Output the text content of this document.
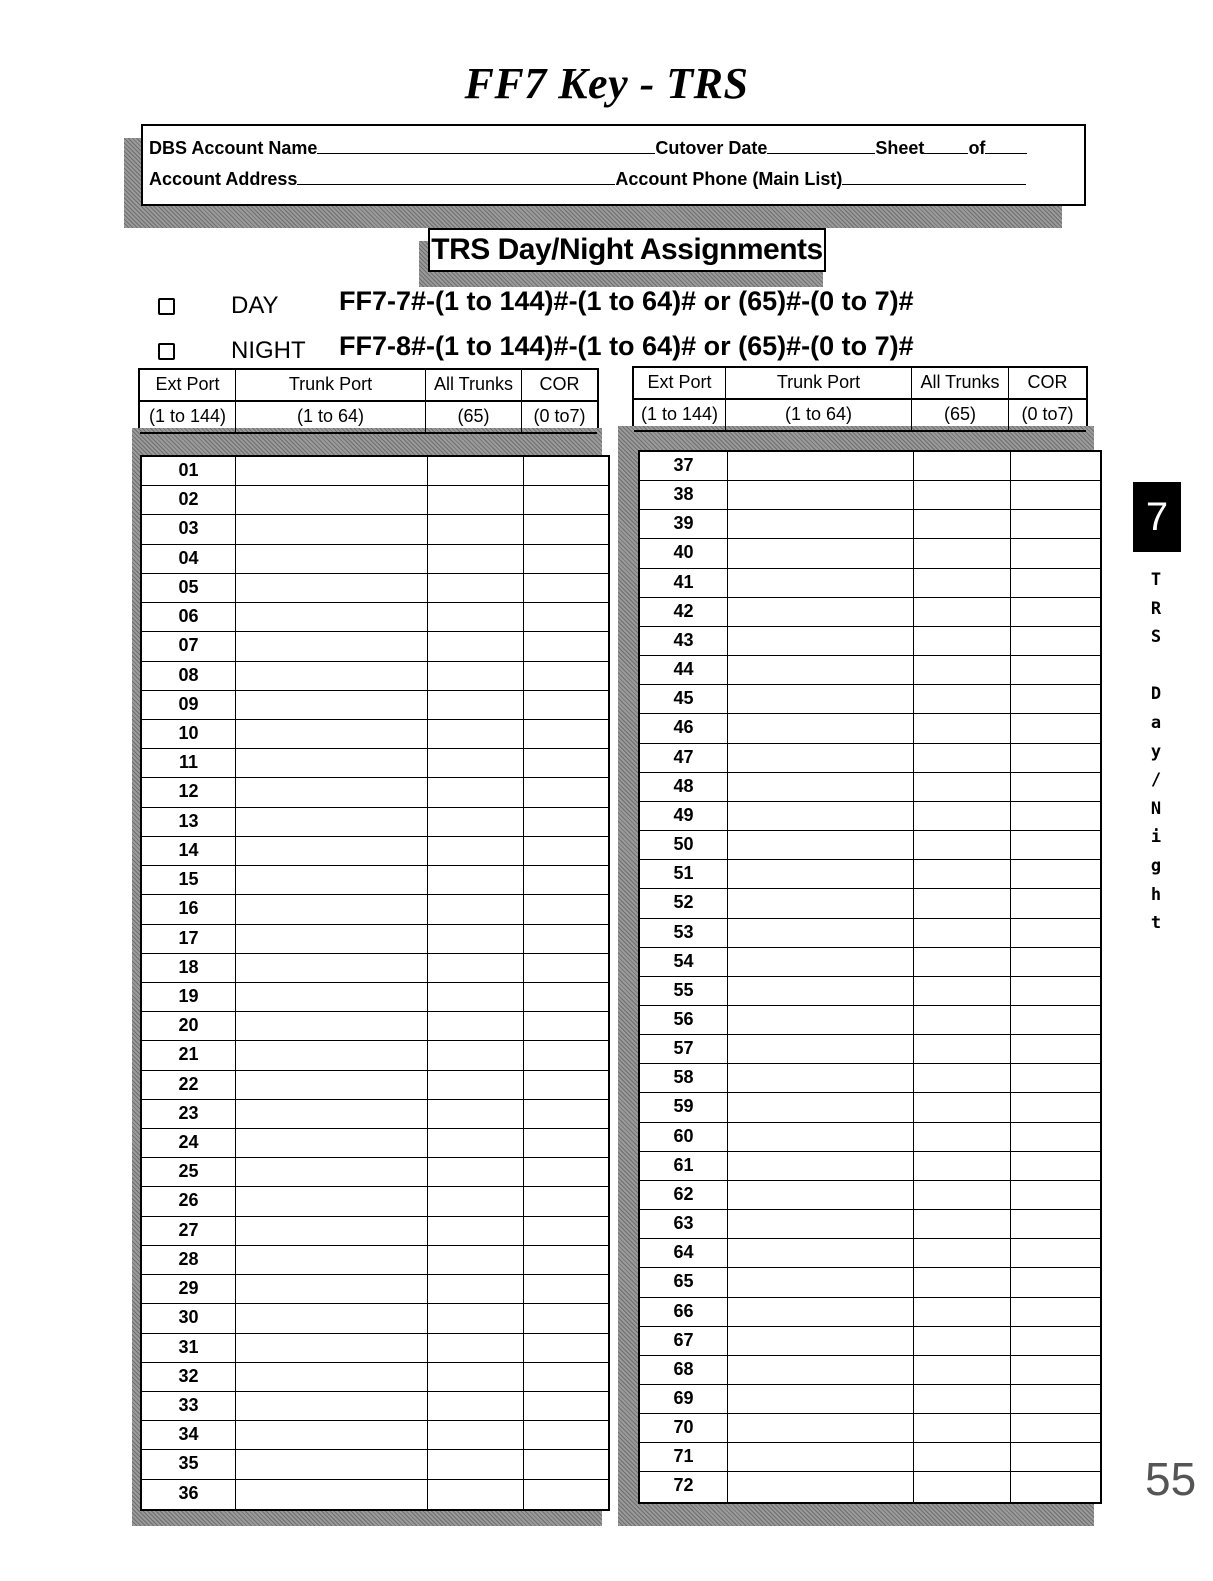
FF7 Key - TRS
DBS Account Name	Cutover Date	Sheet of
Account Address	Account Phone (Main List)
TRS Day/Night Assignments
DAY FF7-7#-(1 to 144)#-(1 to 64)# or (65)#-(0 to 7)#
NIGHT FF7-8#-(1 to 144)#-(1 to 64)# or (65)#-(0 to 7)#
Ext Port	Trunk Port	All Trunks	COR
(1 to 144)	(1 to 64)	(65)	(0 to7)
01
02
03
04
05
06
07
08
09
10
11
12
13
14
15
16
17
18
19
20
21
22
23
24
25
26
27
28
29
30
31
32
33
34
35
36
Ext Port	Trunk Port	All Trunks	COR
(1 to 144)	(1 to 64)	(65)	(0 to7)
37
38
39
40
41
42
43
44
45
46
47
48
49
50
51
52
53
54
55
56
57
58
59
60
61
62
63
64
65
66
67
68
69
70
71
72
7
T
R
S
D
a
y
/
N
i
g
h
t
55
